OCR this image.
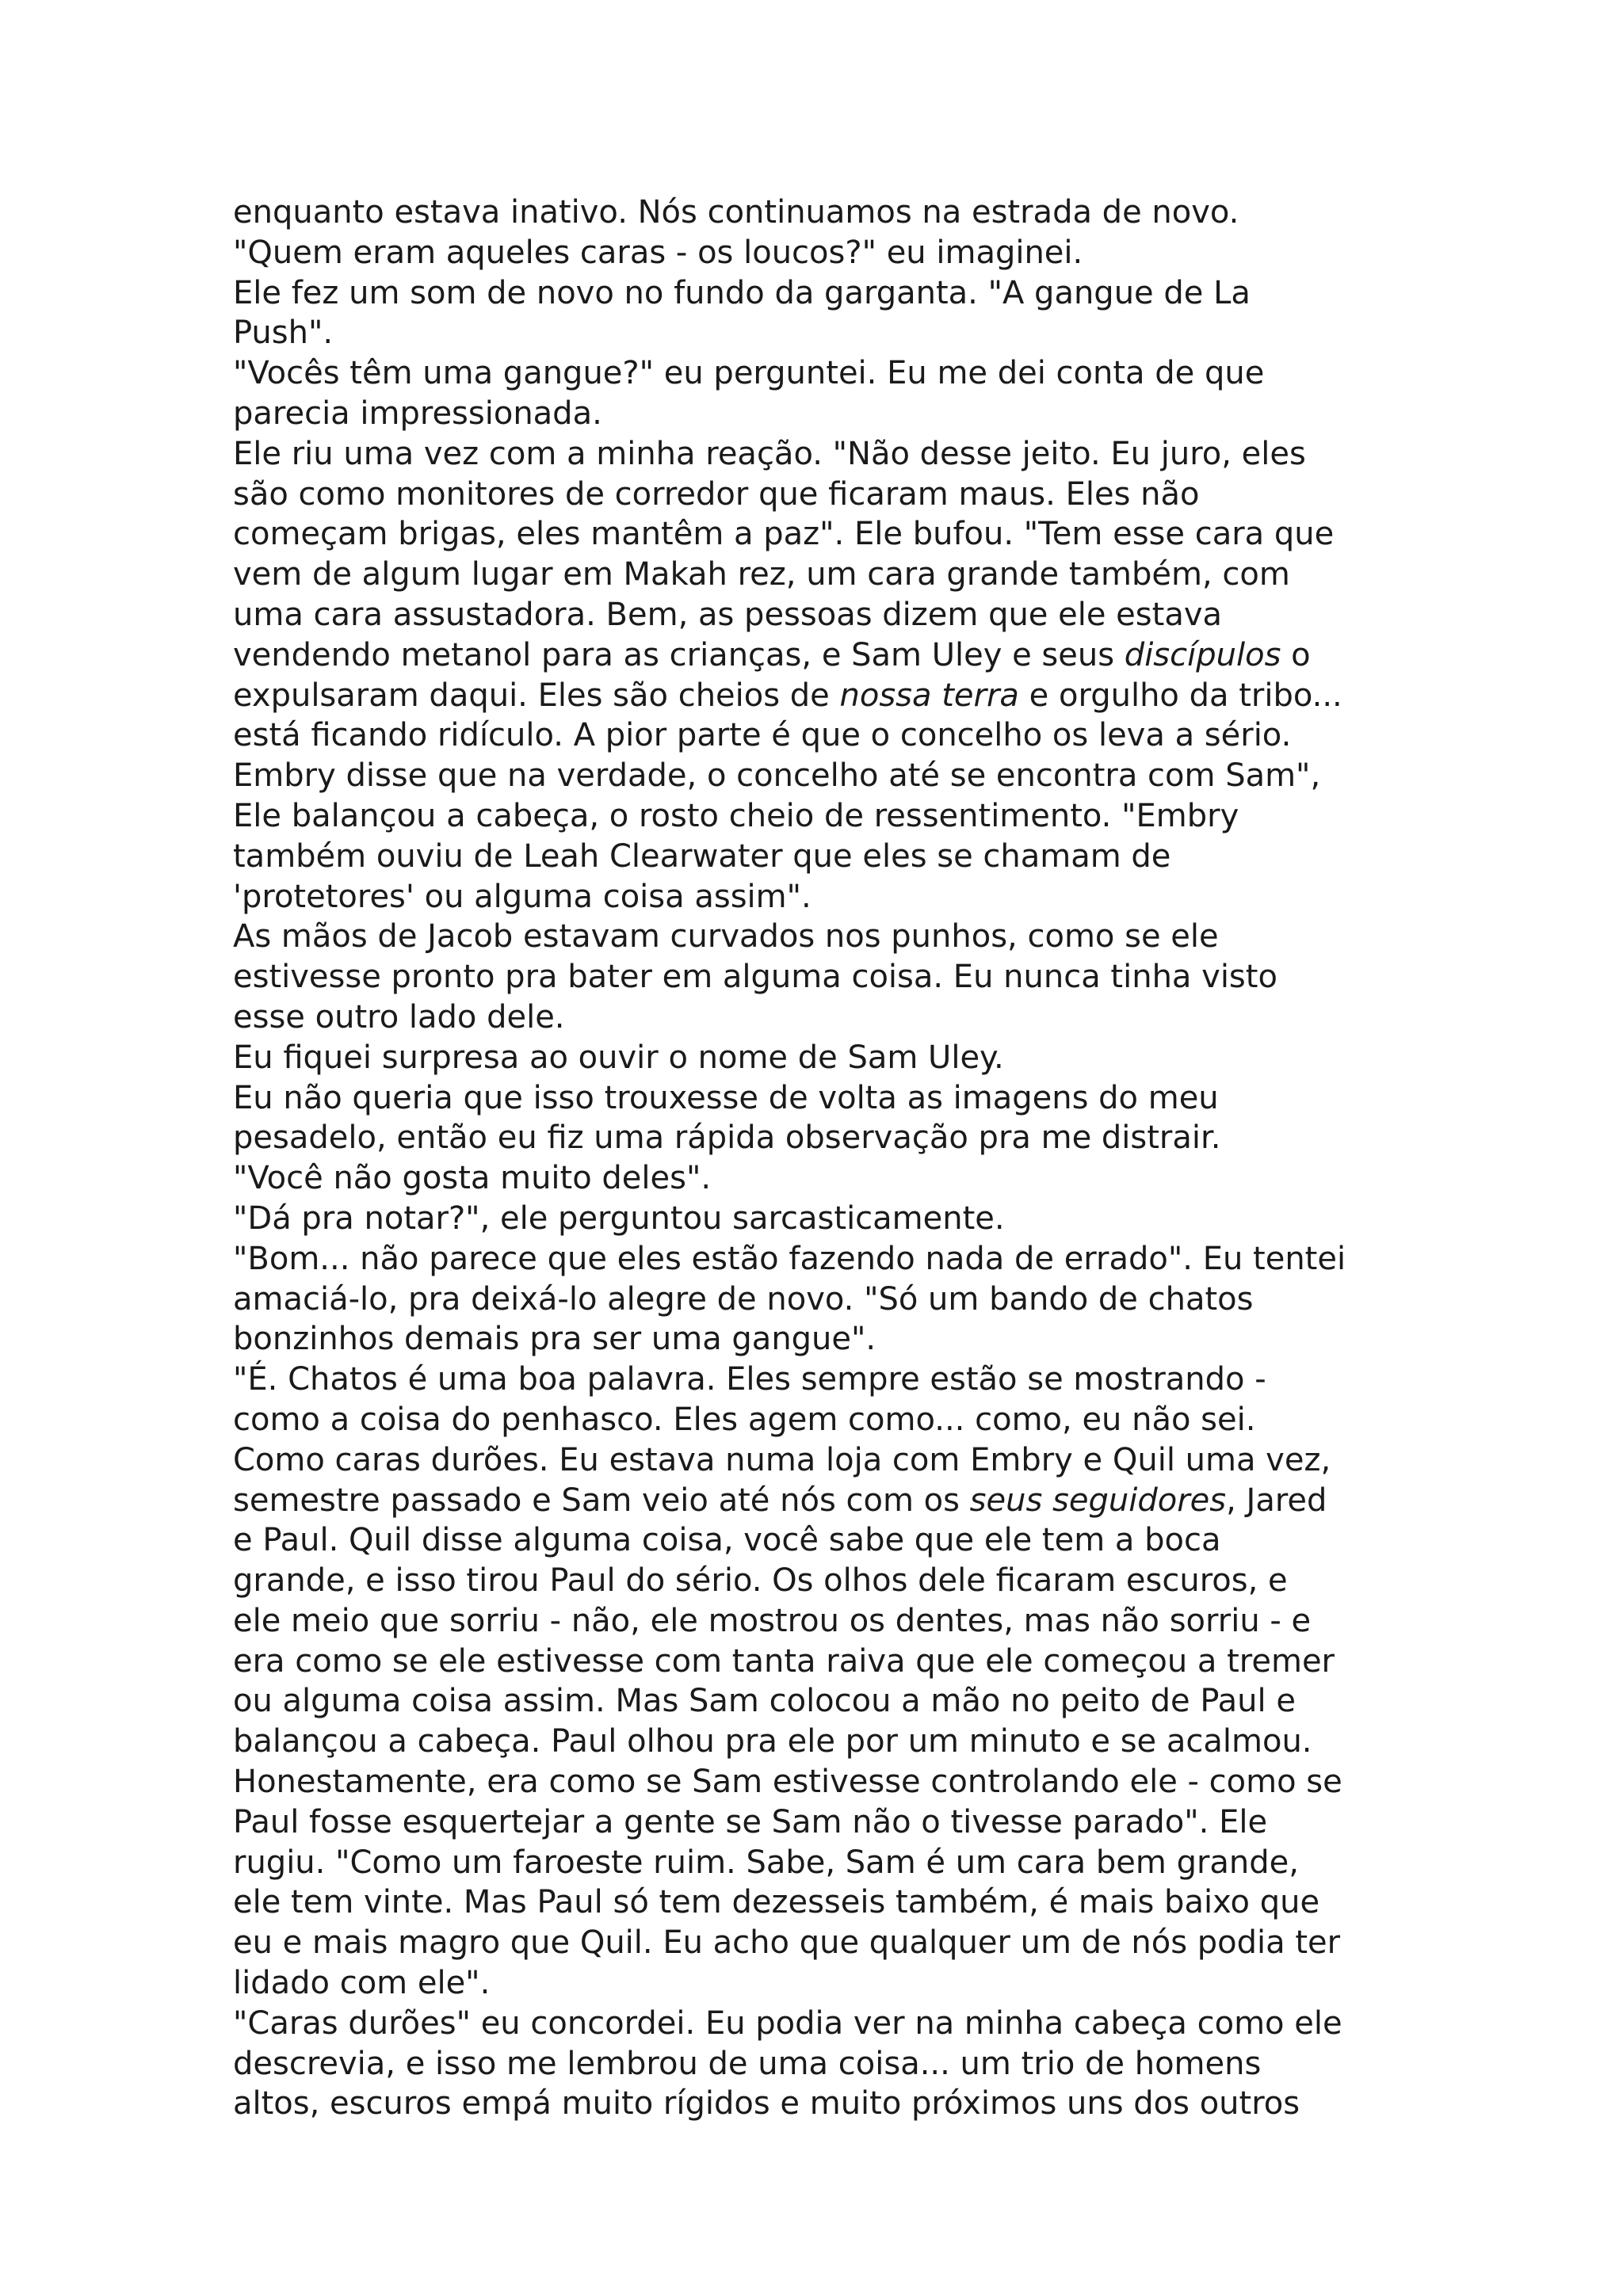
enquanto estava inativo. Nós continuamos na estrada de novo.
"Quem eram aqueles caras - os loucos?" eu imaginei.
Ele fez um som de novo no fundo da garganta. "A gangue de La
Push".
"Vocês têm uma gangue?" eu perguntei. Eu me dei conta de que
parecia impressionada.
Ele riu uma vez com a minha reação. "Não desse jeito. Eu juro, eles
são como monitores de corredor que ficaram maus. Eles não
começam brigas, eles mantêm a paz". Ele bufou. "Tem esse cara que
vem de algum lugar em Makah rez, um cara grande também, com
uma cara assustadora. Bem, as pessoas dizem que ele estava
vendendo metanol para as crianças, e Sam Uley e seus discípulos o
expulsaram daqui. Eles são cheios de nossa terra e orgulho da tribo...
está ficando ridículo. A pior parte é que o concelho os leva a sério.
Embry disse que na verdade, o concelho até se encontra com Sam",
Ele balançou a cabeça, o rosto cheio de ressentimento. "Embry
também ouviu de Leah Clearwater que eles se chamam de
'protetores' ou alguma coisa assim".
As mãos de Jacob estavam curvados nos punhos, como se ele
estivesse pronto pra bater em alguma coisa. Eu nunca tinha visto
esse outro lado dele.
Eu fiquei surpresa ao ouvir o nome de Sam Uley.
Eu não queria que isso trouxesse de volta as imagens do meu
pesadelo, então eu fiz uma rápida observação pra me distrair.
"Você não gosta muito deles".
"Dá pra notar?", ele perguntou sarcasticamente.
"Bom... não parece que eles estão fazendo nada de errado". Eu tentei
amaciá-lo, pra deixá-lo alegre de novo. "Só um bando de chatos
bonzinhos demais pra ser uma gangue".
"É. Chatos é uma boa palavra. Eles sempre estão se mostrando -
como a coisa do penhasco. Eles agem como... como, eu não sei.
Como caras durões. Eu estava numa loja com Embry e Quil uma vez,
semestre passado e Sam veio até nós com os seus seguidores, Jared
e Paul. Quil disse alguma coisa, você sabe que ele tem a boca
grande, e isso tirou Paul do sério. Os olhos dele ficaram escuros, e
ele meio que sorriu - não, ele mostrou os dentes, mas não sorriu - e
era como se ele estivesse com tanta raiva que ele começou a tremer
ou alguma coisa assim. Mas Sam colocou a mão no peito de Paul e
balançou a cabeça. Paul olhou pra ele por um minuto e se acalmou.
Honestamente, era como se Sam estivesse controlando ele - como se
Paul fosse esquertejar a gente se Sam não o tivesse parado". Ele
rugiu. "Como um faroeste ruim. Sabe, Sam é um cara bem grande,
ele tem vinte. Mas Paul só tem dezesseis também, é mais baixo que
eu e mais magro que Quil. Eu acho que qualquer um de nós podia ter
lidado com ele".
"Caras durões" eu concordei. Eu podia ver na minha cabeça como ele
descrevia, e isso me lembrou de uma coisa... um trio de homens
altos, escuros empá muito rígidos e muito próximos uns dos outros
